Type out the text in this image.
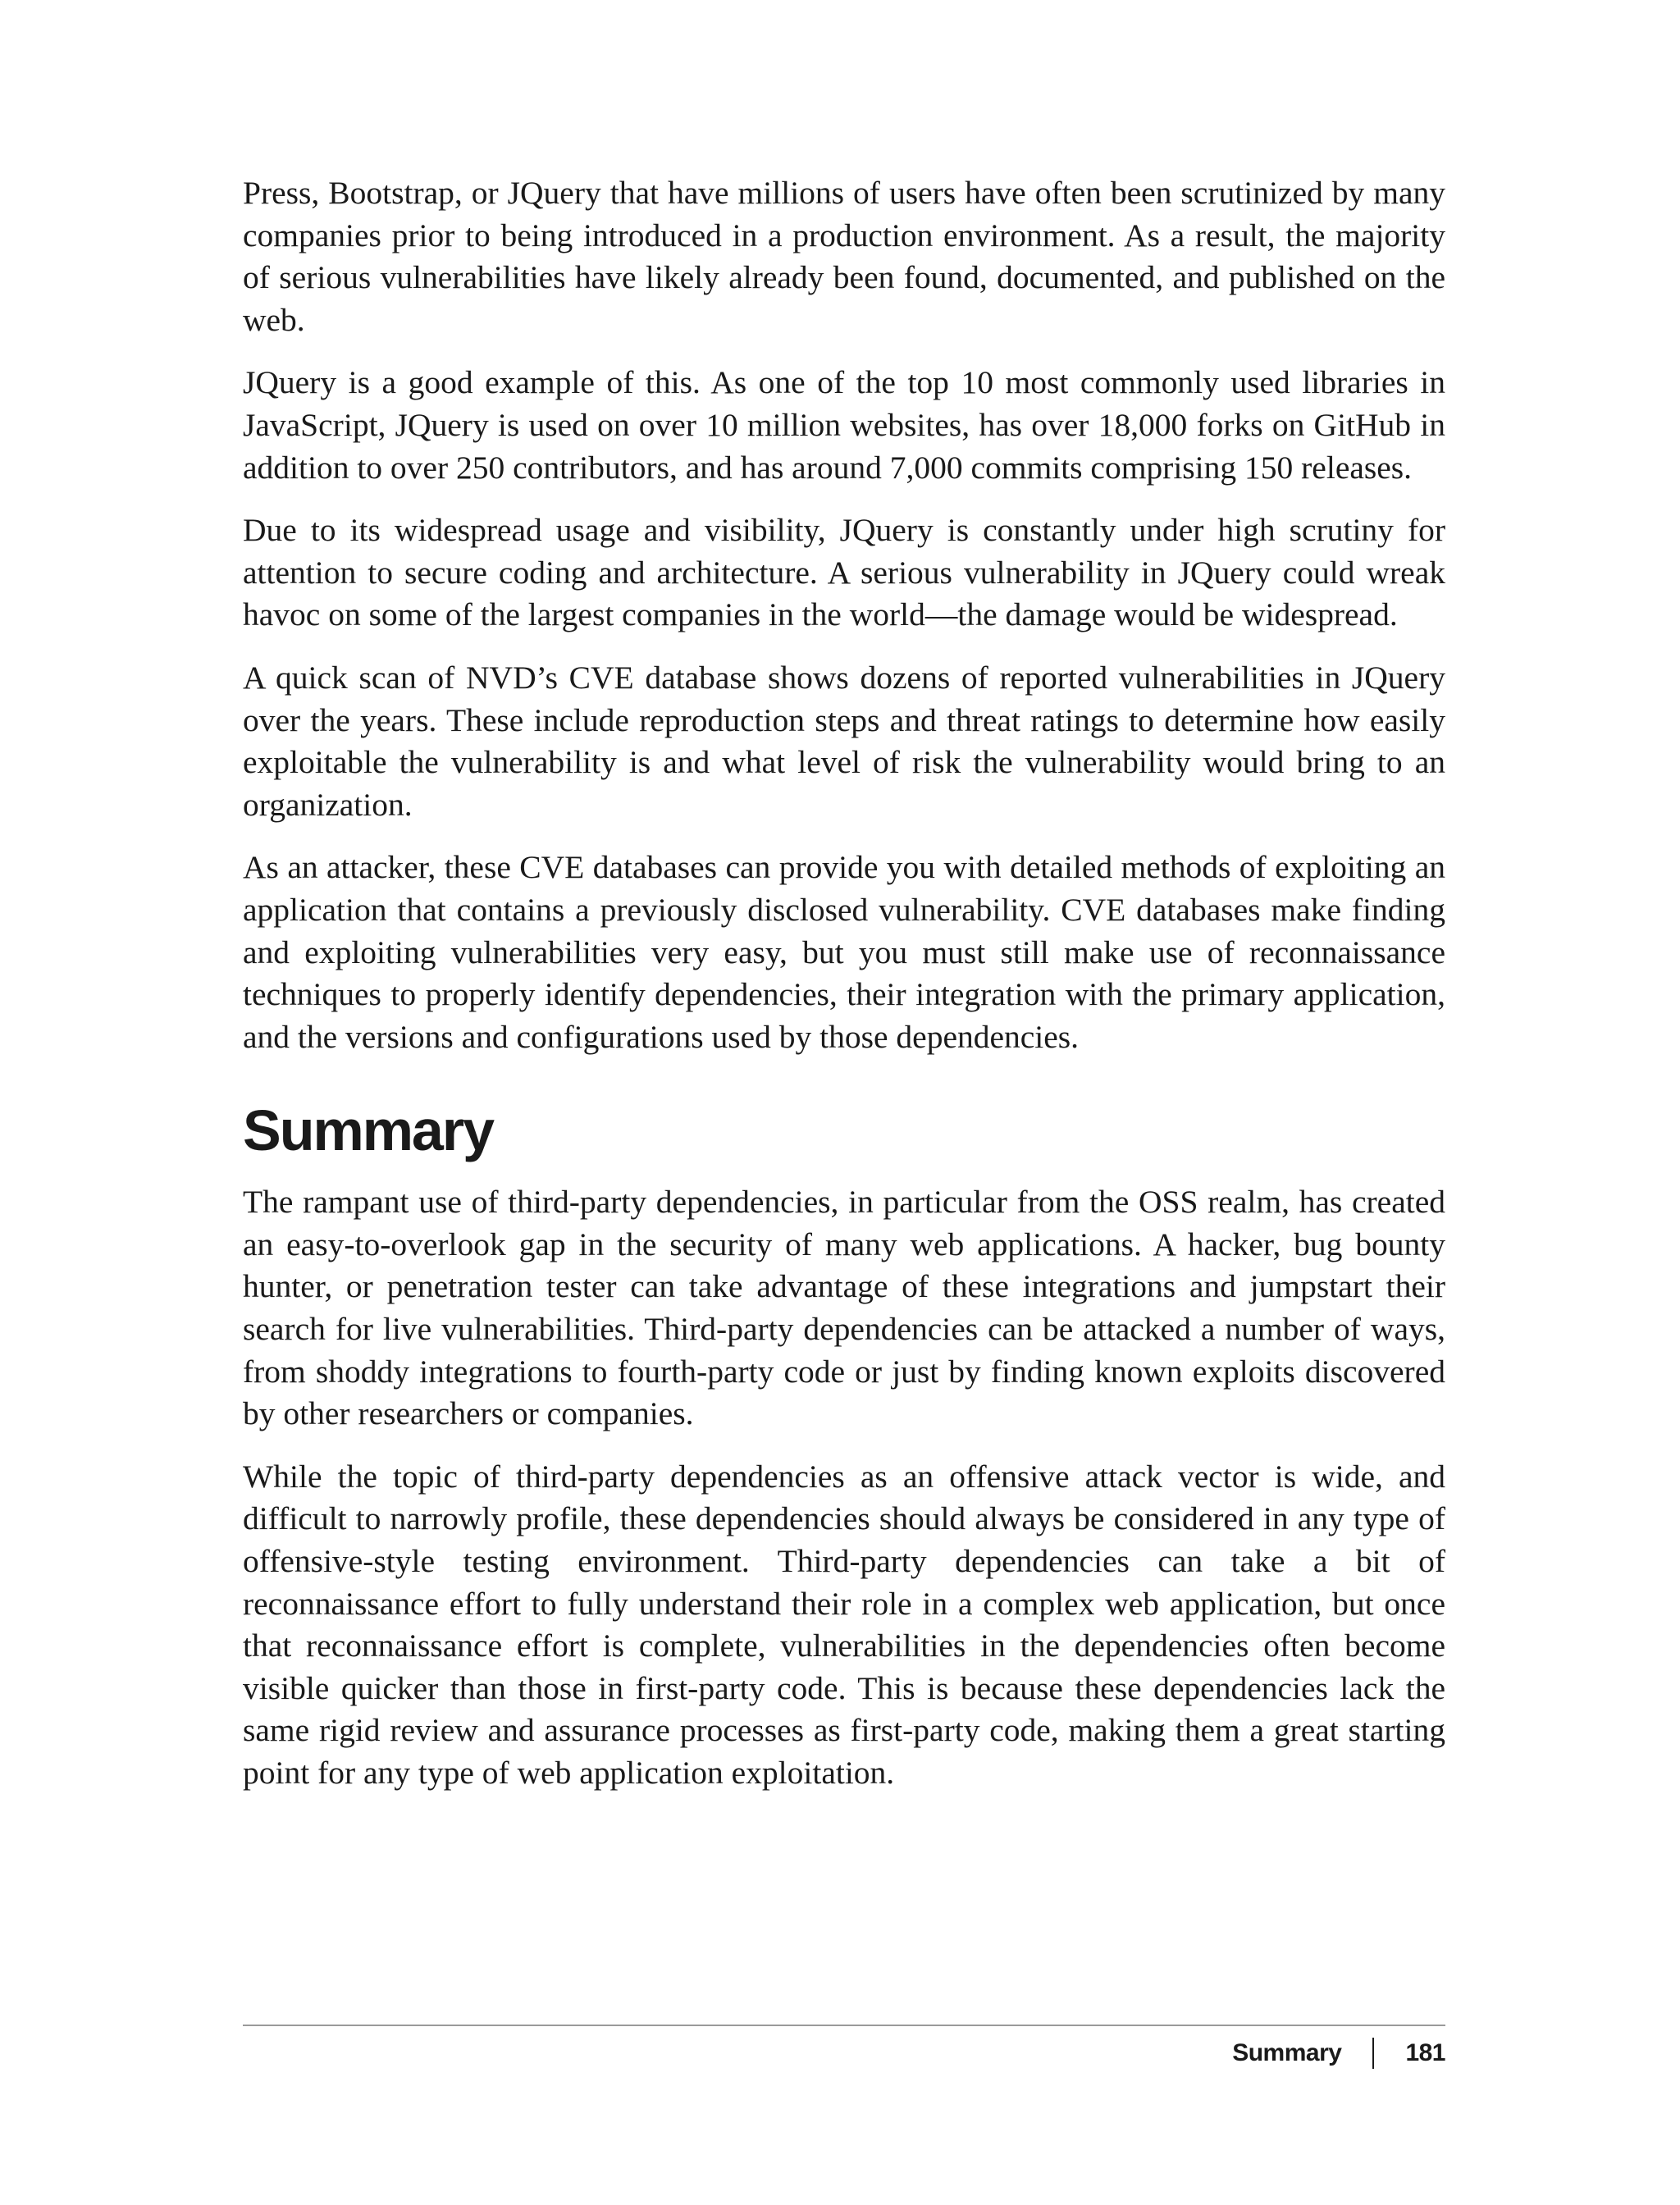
Press, Bootstrap, or JQuery that have millions of users have often been scrutinized by many companies prior to being introduced in a production environment. As a result, the majority of serious vulnerabilities have likely already been found, documented, and published on the web.

JQuery is a good example of this. As one of the top 10 most commonly used libraries in JavaScript, JQuery is used on over 10 million websites, has over 18,000 forks on GitHub in addition to over 250 contributors, and has around 7,000 commits comprising 150 releases.

Due to its widespread usage and visibility, JQuery is constantly under high scrutiny for attention to secure coding and architecture. A serious vulnerability in JQuery could wreak havoc on some of the largest companies in the world—the damage would be widespread.

A quick scan of NVD’s CVE database shows dozens of reported vulnerabilities in JQuery over the years. These include reproduction steps and threat ratings to determine how easily exploitable the vulnerability is and what level of risk the vulnerability would bring to an organization.

As an attacker, these CVE databases can provide you with detailed methods of exploiting an application that contains a previously disclosed vulnerability. CVE databases make finding and exploiting vulnerabilities very easy, but you must still make use of reconnaissance techniques to properly identify dependencies, their integration with the primary application, and the versions and configurations used by those dependencies.

Summary

The rampant use of third-party dependencies, in particular from the OSS realm, has created an easy-to-overlook gap in the security of many web applications. A hacker, bug bounty hunter, or penetration tester can take advantage of these integrations and jumpstart their search for live vulnerabilities. Third-party dependencies can be attacked a number of ways, from shoddy integrations to fourth-party code or just by finding known exploits discovered by other researchers or companies.

While the topic of third-party dependencies as an offensive attack vector is wide, and difficult to narrowly profile, these dependencies should always be considered in any type of offensive-style testing environment. Third-party dependencies can take a bit of reconnaissance effort to fully understand their role in a complex web application, but once that reconnaissance effort is complete, vulnerabilities in the dependencies often become visible quicker than those in first-party code. This is because these dependencies lack the same rigid review and assurance processes as first-party code, making them a great starting point for any type of web application exploitation.

Summary	181
